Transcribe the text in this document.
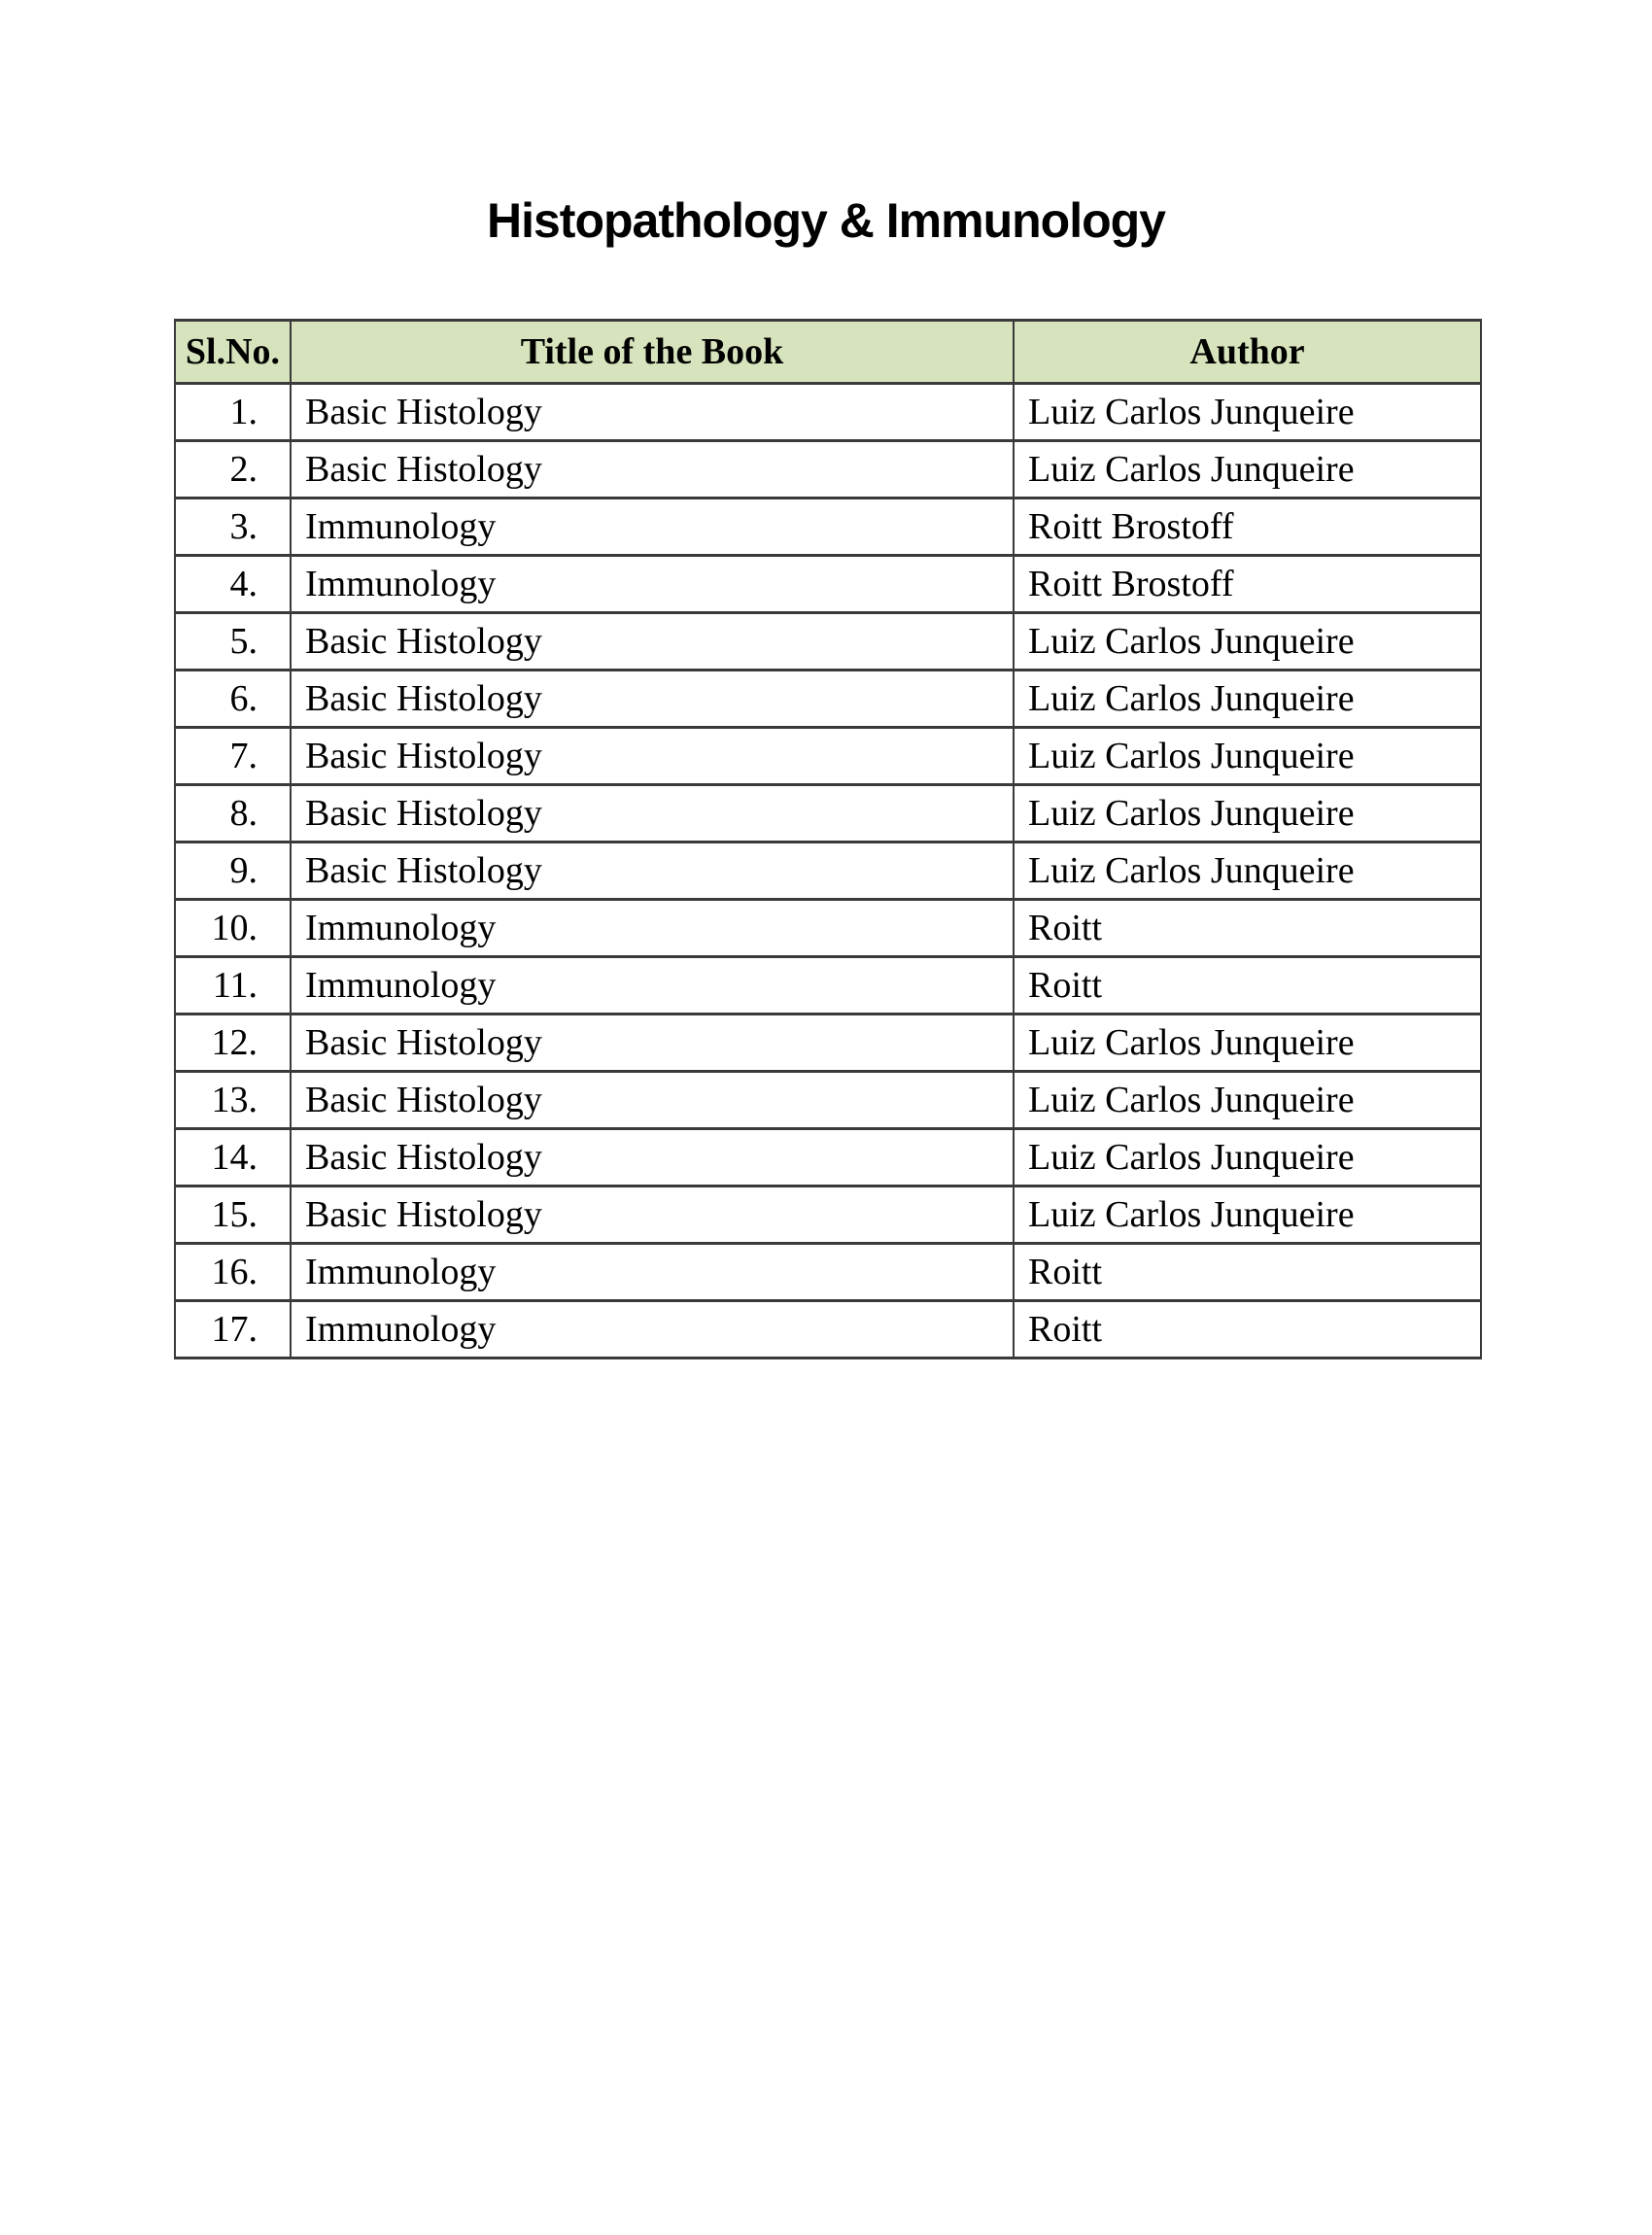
Histopathology & Immunology
Sl.No.	Title of the Book	Author
1.	Basic Histology	Luiz Carlos Junqueire
2.	Basic Histology	Luiz Carlos Junqueire
3.	Immunology	Roitt Brostoff
4.	Immunology	Roitt Brostoff
5.	Basic Histology	Luiz Carlos Junqueire
6.	Basic Histology	Luiz Carlos Junqueire
7.	Basic Histology	Luiz Carlos Junqueire
8.	Basic Histology	Luiz Carlos Junqueire
9.	Basic Histology	Luiz Carlos Junqueire
10.	Immunology	Roitt
11.	Immunology	Roitt
12.	Basic Histology	Luiz Carlos Junqueire
13.	Basic Histology	Luiz Carlos Junqueire
14.	Basic Histology	Luiz Carlos Junqueire
15.	Basic Histology	Luiz Carlos Junqueire
16.	Immunology	Roitt
17.	Immunology	Roitt
